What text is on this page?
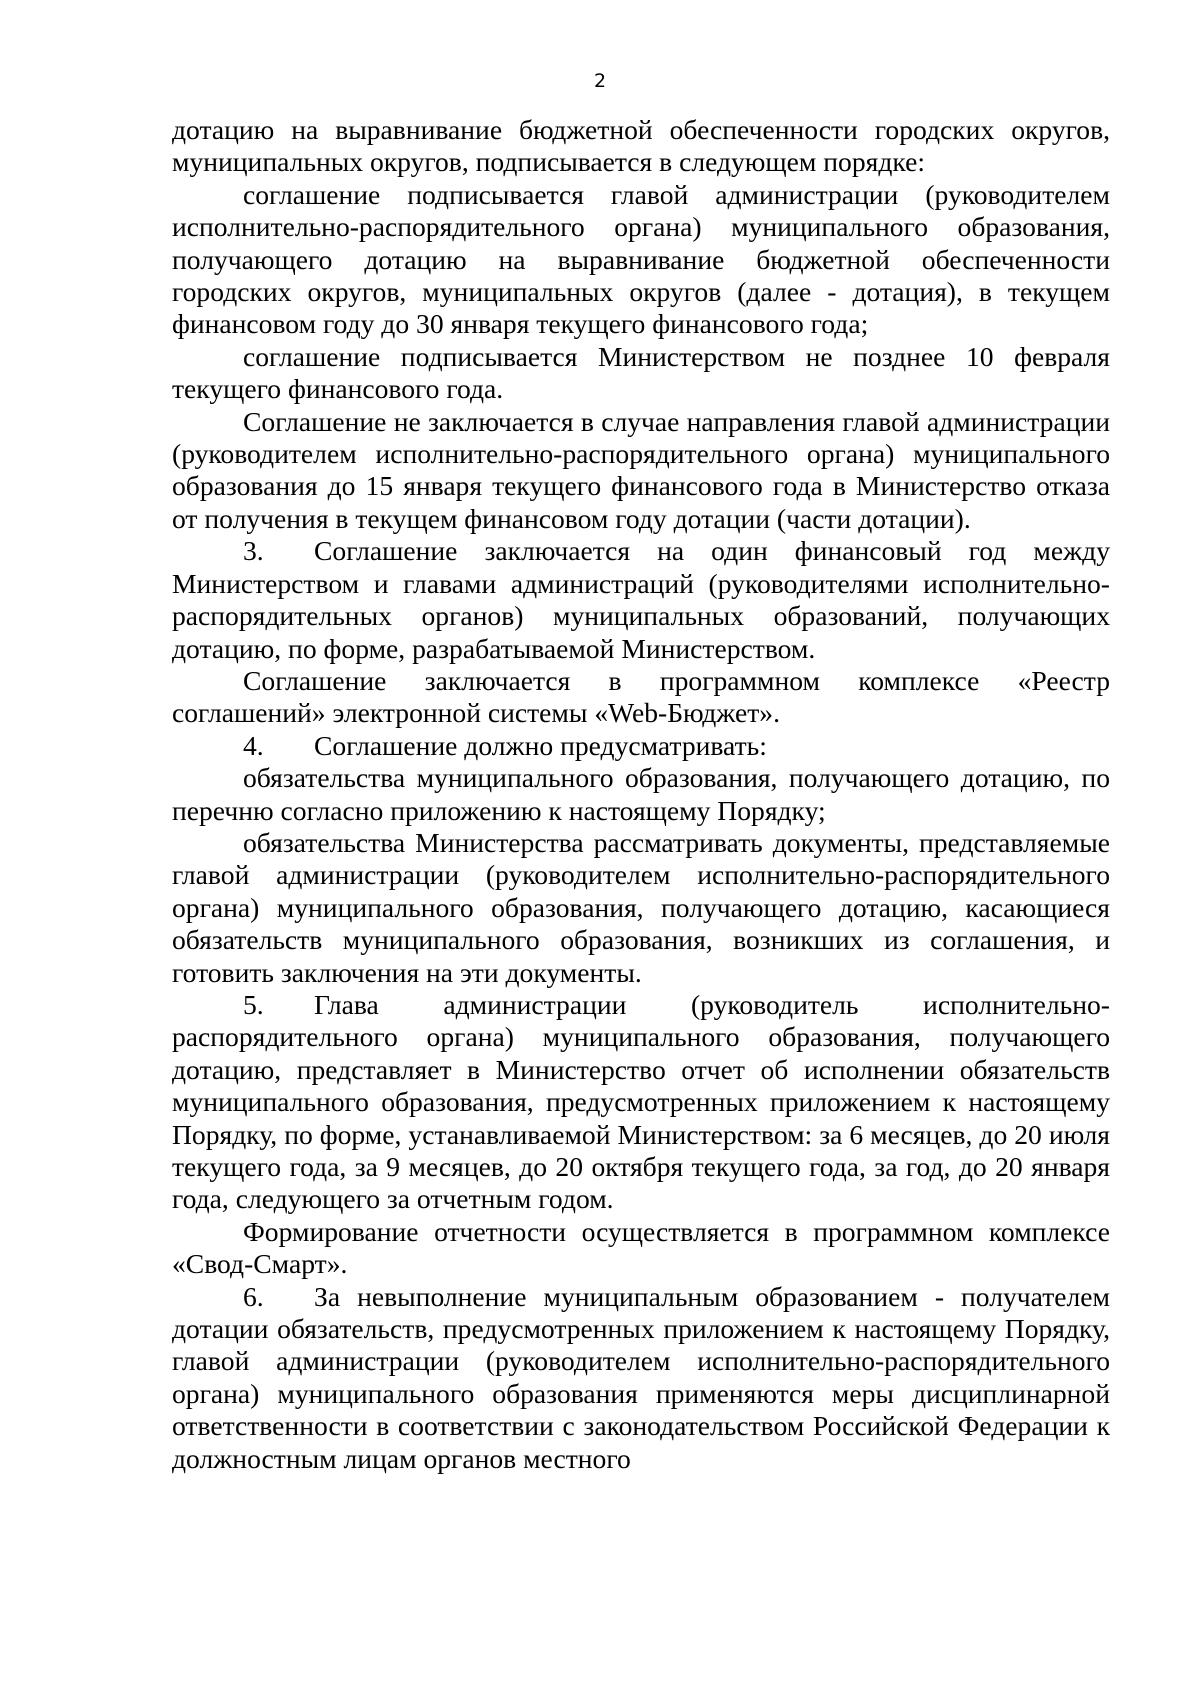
2

дотацию на выравнивание бюджетной обеспеченности городских округов, муниципальных округов, подписывается в следующем порядке:

соглашение подписывается главой администрации (руководителем исполнительно-распорядительного органа) муниципального образования, получающего дотацию на выравнивание бюджетной обеспеченности городских округов, муниципальных округов (далее - дотация), в текущем финансовом году до 30 января текущего финансового года;

соглашение подписывается Министерством не позднее 10 февраля текущего финансового года.

Соглашение не заключается в случае направления главой администрации (руководителем исполнительно-распорядительного органа) муниципального образования до 15 января текущего финансового года в Министерство отказа от получения в текущем финансовом году дотации (части дотации).

3. Соглашение заключается на один финансовый год между Министерством и главами администраций (руководителями исполнительно-распорядительных органов) муниципальных образований, получающих дотацию, по форме, разрабатываемой Министерством.

Соглашение заключается в программном комплексе «Реестр соглашений» электронной системы «Web-Бюджет».

4. Соглашение должно предусматривать:

обязательства муниципального образования, получающего дотацию, по перечню согласно приложению к настоящему Порядку;

обязательства Министерства рассматривать документы, представляемые главой администрации (руководителем исполнительно-распорядительного органа) муниципального образования, получающего дотацию, касающиеся обязательств муниципального образования, возникших из соглашения, и готовить заключения на эти документы.

5. Глава администрации (руководитель исполнительно-распорядительного органа) муниципального образования, получающего дотацию, представляет в Министерство отчет об исполнении обязательств муниципального образования, предусмотренных приложением к настоящему Порядку, по форме, устанавливаемой Министерством: за 6 месяцев, до 20 июля текущего года, за 9 месяцев, до 20 октября текущего года, за год, до 20 января года, следующего за отчетным годом.

Формирование отчетности осуществляется в программном комплексе «Свод-Смарт».

6. За невыполнение муниципальным образованием - получателем дотации обязательств, предусмотренных приложением к настоящему Порядку, главой администрации (руководителем исполнительно-распорядительного органа) муниципального образования применяются меры дисциплинарной ответственности в соответствии с законодательством Российской Федерации к должностным лицам органов местного
